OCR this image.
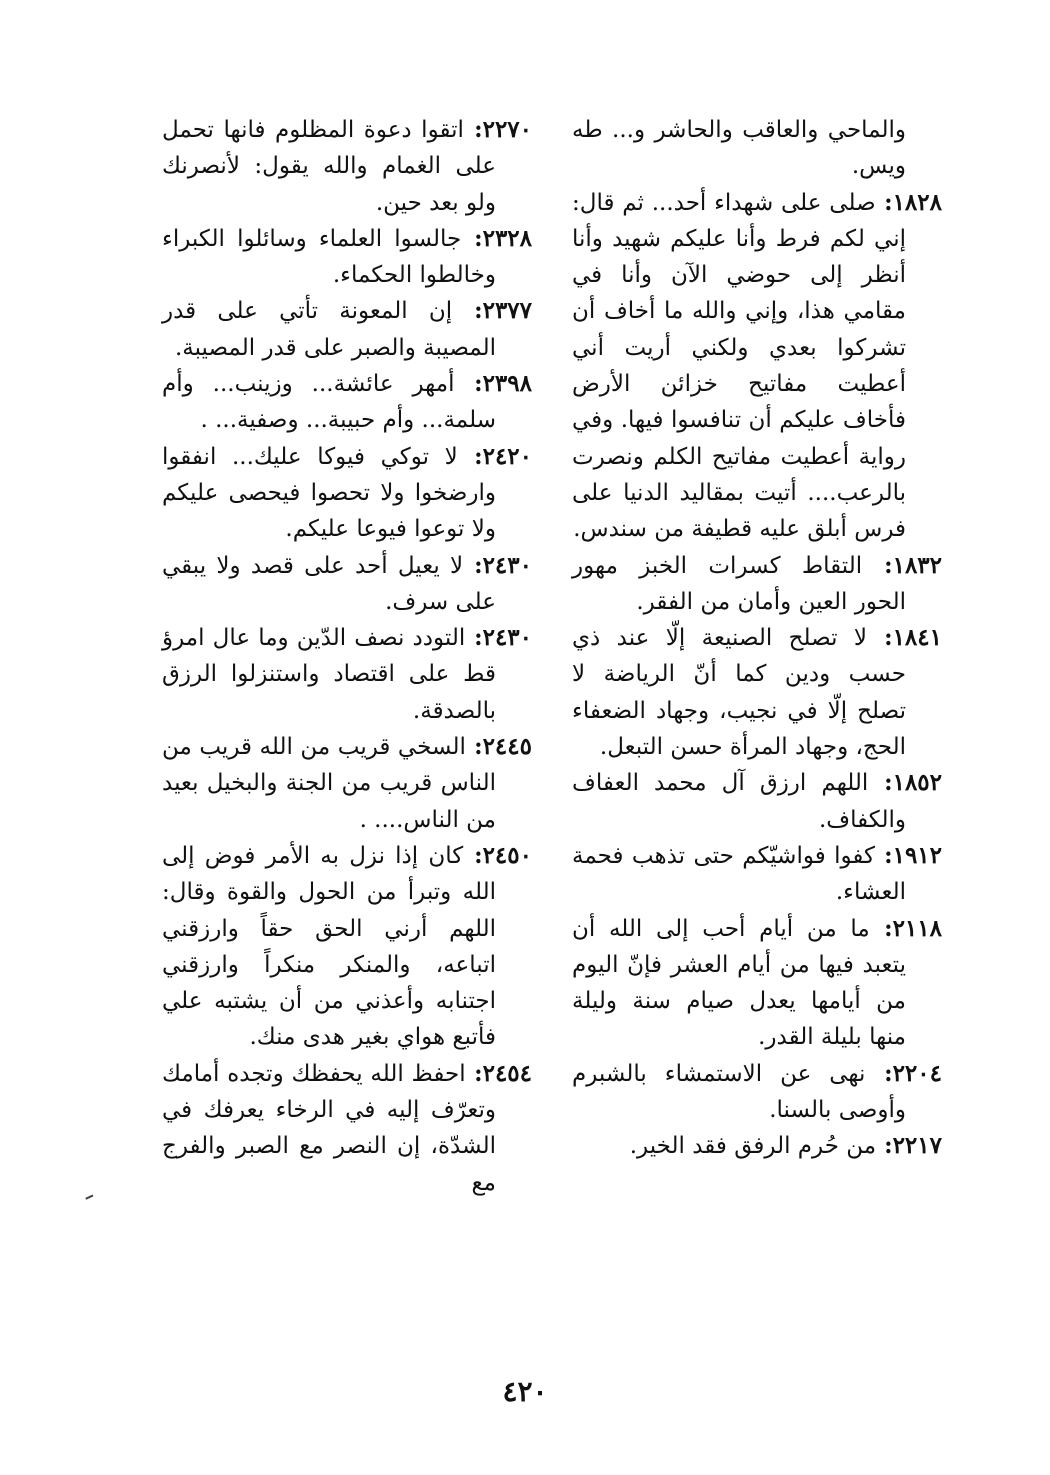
والماحي والعاقب والحاشر و... طه ويس.

١٨٢٨: صلى على شهداء أحد... ثم قال: إني لكم فرط وأنا عليكم شهيد وأنا أنظر إلى حوضي الآن وأنا في مقامي هذا، وإني والله ما أخاف أن تشركوا بعدي ولكني أريت أني أعطيت مفاتيح خزائن الأرض فأخاف عليكم أن تنافسوا فيها. وفي رواية أعطيت مفاتيح الكلم ونصرت بالرعب.... أتيت بمقاليد الدنيا على فرس أبلق عليه قطيفة من سندس.

١٨٣٢: التقاط كسرات الخبز مهور الحور العين وأمان من الفقر.

١٨٤١: لا تصلح الصنيعة إلّا عند ذي حسب ودين كما أنّ الرياضة لا تصلح إلّا في نجيب، وجهاد الضعفاء الحج، وجهاد المرأة حسن التبعل.

١٨٥٢: اللهم ارزق آل محمد العفاف والكفاف.

١٩١٢: كفوا فواشيّكم حتى تذهب فحمة العشاء.

٢١١٨: ما من أيام أحب إلى الله أن يتعبد فيها من أيام العشر فإنّ اليوم من أيامها يعدل صيام سنة وليلة منها بليلة القدر.

٢٢٠٤: نهى عن الاستمشاء بالشبرم وأوصى بالسنا.

٢٢١٧: من حُرم الرفق فقد الخير.

٢٢٧٠: اتقوا دعوة المظلوم فانها تحمل على الغمام والله يقول: لأنصرنك ولو بعد حين.

٢٣٢٨: جالسوا العلماء وسائلوا الكبراء وخالطوا الحكماء.

٢٣٧٧: إن المعونة تأتي على قدر المصيبة والصبر على قدر المصيبة.

٢٣٩٨: أمهر عائشة... وزينب... وأم سلمة... وأم حبيبة... وصفية... .

٢٤٢٠: لا توكي فيوكا عليك... انفقوا وارضخوا ولا تحصوا فيحصى عليكم ولا توعوا فيوعا عليكم.

٢٤٣٠: لا يعيل أحد على قصد ولا يبقي على سرف.

٢٤٣٠: التودد نصف الدّين وما عال امرؤ قط على اقتصاد واستنزلوا الرزق بالصدقة.

٢٤٤٥: السخي قريب من الله قريب من الناس قريب من الجنة والبخيل بعيد من الناس.... .

٢٤٥٠: كان إذا نزل به الأمر فوض إلى الله وتبرأ من الحول والقوة وقال: اللهم أرني الحق حقاً وارزقني اتباعه، والمنكر منكراً وارزقني اجتنابه وأعذني من أن يشتبه علي فأتبع هواي بغير هدى منك.

٢٤٥٤: احفظ الله يحفظك وتجده أمامك وتعرّف إليه في الرخاء يعرفك في الشدّة، إن النصر مع الصبر والفرج مع

٤٢٠
